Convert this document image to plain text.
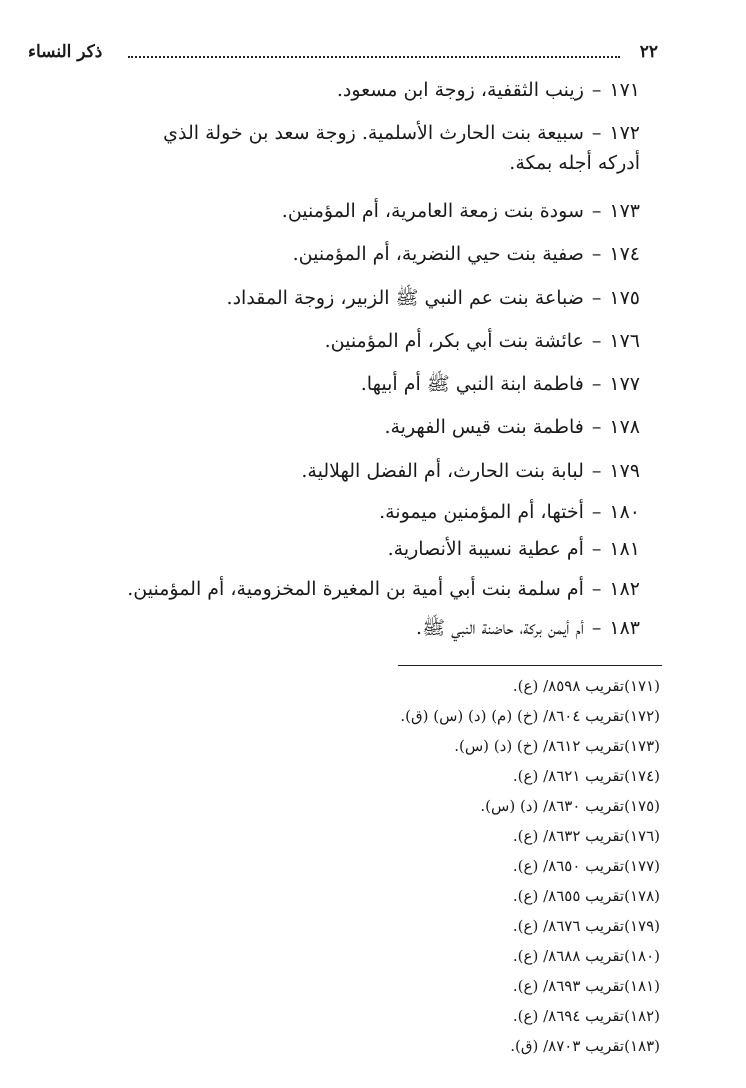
٢٢
ذكر النساء
١٧١–زينب الثقفية، زوجة ابن مسعود.
١٧٢–سبيعة بنت الحارث الأسلمية. زوجة سعد بن خولة الذي أدركه أجله بمكة.
١٧٣–سودة بنت زمعة العامرية، أم المؤمنين.
١٧٤–صفية بنت حيي النضرية، أم المؤمنين.
١٧٥–ضباعة بنت عم النبي ﷺ الزبير، زوجة المقداد.
١٧٦–عائشة بنت أبي بكر، أم المؤمنين.
١٧٧–فاطمة ابنة النبي ﷺ أم أبيها.
١٧٨–فاطمة بنت قيس الفهرية.
١٧٩–لبابة بنت الحارث، أم الفضل الهلالية.
١٨٠–أختها، أم المؤمنين ميمونة.
١٨١–أم عطية نسيبة الأنصارية.
١٨٢–أم سلمة بنت أبي أمية بن المغيرة المخزومية، أم المؤمنين.
١٨٣–أم أيمن بركة، حاضنة النبي ﷺ.
(١٧١)تقريب ٨٥٩٨/ (ع).
(١٧٢)تقريب ٨٦٠٤/ (خ) (م) (د) (س) (ق).
(١٧٣)تقريب ٨٦١٢/ (خ) (د) (س).
(١٧٤)تقريب ٨٦٢١/ (ع).
(١٧٥)تقريب ٨٦٣٠/ (د) (س).
(١٧٦)تقريب ٨٦٣٢/ (ع).
(١٧٧)تقريب ٨٦٥٠/ (ع).
(١٧٨)تقريب ٨٦٥٥/ (ع).
(١٧٩)تقريب ٨٦٧٦/ (ع).
(١٨٠)تقريب ٨٦٨٨/ (ع).
(١٨١)تقريب ٨٦٩٣/ (ع).
(١٨٢)تقريب ٨٦٩٤/ (ع).
(١٨٣)تقريب ٨٧٠٣/ (ق).
